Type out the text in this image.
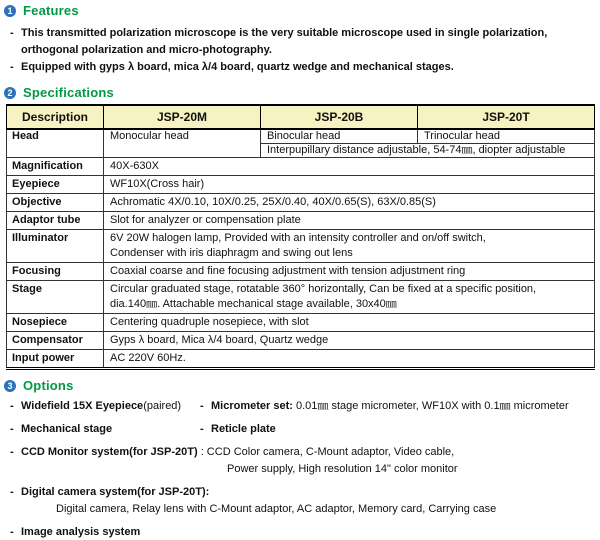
1 Features
- This transmitted polarization microscope is the very suitable microscope used in single polarization,
orthogonal polarization and micro-photography.
- Equipped with gyps λ board, mica λ/4 board, quartz wedge and mechanical stages.
2 Specifications
Description	JSP-20M	JSP-20B	JSP-20T
Head	Monocular head	Binocular head	Trinocular head
		Interpupillary distance adjustable, 54-74㎜, diopter adjustable	
Magnification	40X-630X		
Eyepiece	WF10X(Cross hair)		
Objective	Achromatic 4X/0.10, 10X/0.25, 25X/0.40, 40X/0.65(S), 63X/0.85(S)		
Adaptor tube	Slot for analyzer or compensation plate		
Illuminator	6V 20W halogen lamp, Provided with an intensity controller and on/off switch,
Condenser with iris diaphragm and swing out lens		

Focusing	Coaxial coarse and fine focusing adjustment with tension adjustment ring		
Stage	Circular graduated stage, rotatable 360° horizontally, Can be fixed at a specific position,
dia.140㎜. Attachable mechanical stage available, 30x40㎜		

Nosepiece	Centering quadruple nosepiece, with slot		
Compensator	Gyps λ board, Mica λ/4 board, Quartz wedge		
Input power	AC 220V 60Hz.		
3 Options
- Widefield 15X Eyepiece(paired)	- Micrometer set: 0.01㎜ stage micrometer, WF10X with 0.1㎜ micrometer
- Mechanical stage	- Reticle plate
- CCD Monitor system(for JSP-20T) : CCD Color camera, C-Mount adaptor, Video cable,
Power supply, High resolution 14" color monitor
- Digital camera system(for JSP-20T):
Digital camera, Relay lens with C-Mount adaptor, AC adaptor, Memory card, Carrying case
- Image analysis system
